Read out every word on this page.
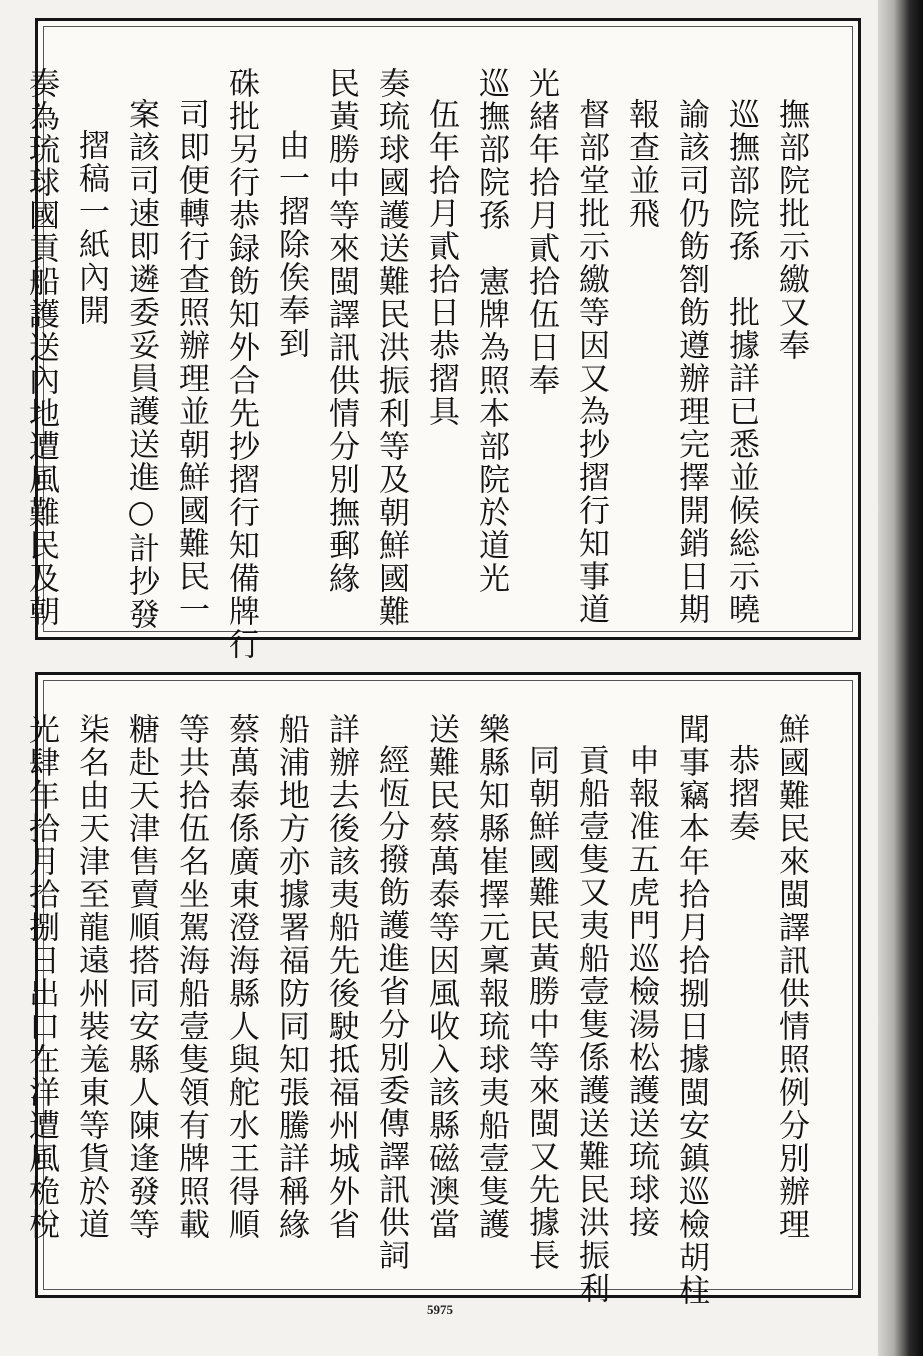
撫部院批示繳又奉
巡撫部院孫　批據詳已悉並候総示曉
諭該司仍飭劄飭遵辦理完擇開銷日期
報查並飛
督部堂批示繳等因又為抄摺行知事道
光緒年拾月貳拾伍日奉
巡撫部院孫　憲牌為照本部院於道光
伍年拾月貳拾日恭摺具
奏琉球國護送難民洪振利等及朝鮮國難
民黃勝中等來閩譯訊供情分別撫郵緣
由一摺除俟奉到
硃批另行恭録飭知外合先抄摺行知備牌行
司即便轉行查照辦理並朝鮮國難民一
案該司速即遴委妥員護送進○計抄發
摺稿一紙內開
奏為琉球國貢船護送內地遭風難民及朝
鮮國難民來閩譯訊供情照例分別辦理
恭摺奏
聞事竊本年拾月拾捌日據閩安鎮巡檢胡柱
申報准五虎門巡檢湯松護送琉球接
貢船壹隻又夷船壹隻係護送難民洪振利
同朝鮮國難民黃勝中等來閩又先據長
樂縣知縣崔擇元稟報琉球夷船壹隻護
送難民蔡萬泰等因風收入該縣磁澳當
經恆分撥飭護進省分別委傳譯訊供詞
詳辦去後該夷船先後駛抵福州城外省
船浦地方亦據署福防同知張騰詳稱緣
蔡萬泰係廣東澄海縣人與舵水王得順
等共拾伍名坐駕海船壹隻領有牌照載
糖赴天津售賣順搭同安縣人陳逢發等
柒名由天津至龍遠州裝羗東等貨於道
光肆年拾月拾捌日出口在洋遭風桅梲
5975
